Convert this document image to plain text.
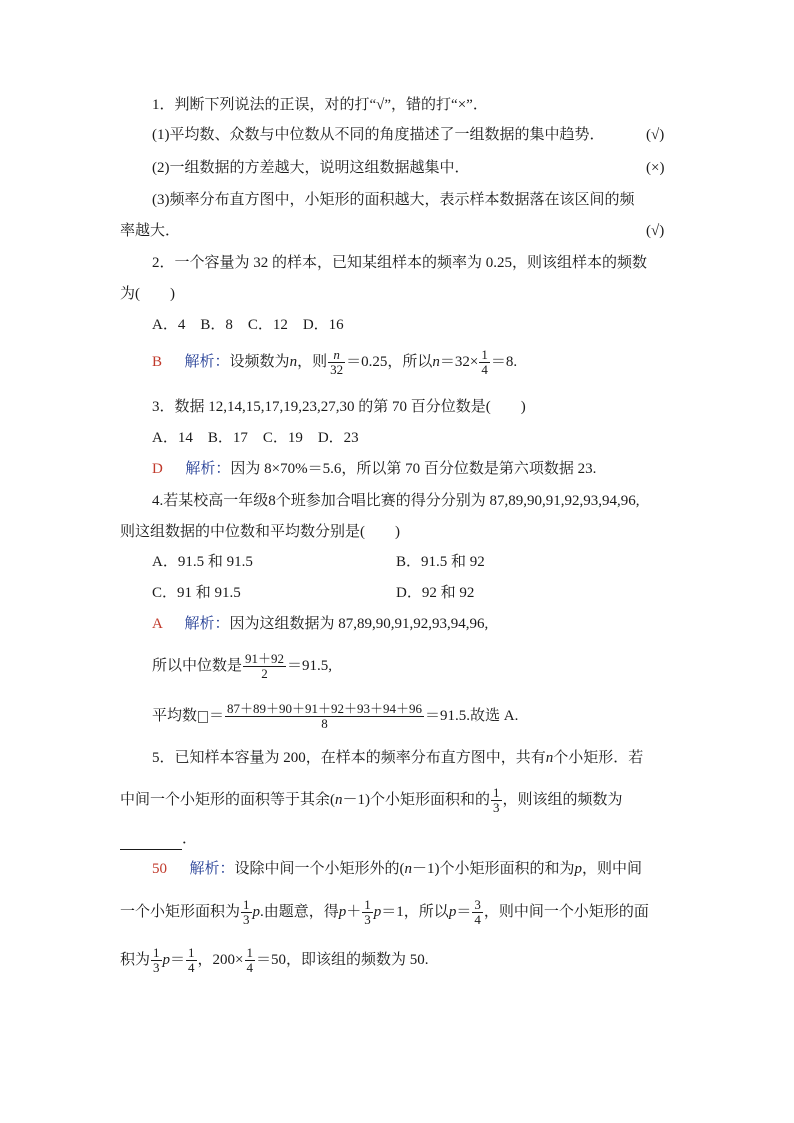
1．判断下列说法的正误，对的打“√”，错的打“×”．
(1)平均数、众数与中位数从不同的角度描述了一组数据的集中趋势．	(√)
(2)一组数据的方差越大，说明这组数据越集中．	(×)
(3)频率分布直方图中，小矩形的面积越大，表示样本数据落在该区间的频
率越大．	(√)
2．一个容量为 32 的样本，已知某组样本的频率为 0.25，则该组样本的频数
为(　　)
A．4　B．8　C．12　D．16
B 　 解析：设频数为n，则 $\frac{n}{32} =0.25$，所以$n=32\times \frac{1}{4} =8$.
3．数据 12,14,15,17,19,23,27,30 的第 70 百分位数是(　　)
A．14　B．17　C．19　D．23
D 　 解析：因为 8×70%＝5.6，所以第 70 百分位数是第六项数据 23.
4.若某校高一年级8个班参加合唱比赛的得分分别为 87,89,90,91,92,93,94,96,
则这组数据的中位数和平均数分别是(　　)
A．91.5 和 91.5	B．91.5 和 92
C．91 和 91.5	D．92 和 92
A 　 解析：因为这组数据为 87,89,90,91,92,93,94,96,
所以中位数是 $\frac{91+92}{2} =91.5$,
平均数 ＝ $\frac{87+89+90+91+92+93+94+96}{8} =91.5$.故选 A.
5．已知样本容量为 200，在样本的频率分布直方图中，共有n个小矩形．若
中间一个小矩形的面积等于其余(n－1)个小矩形面积和的 $\frac{1}{3}$ ，则该组的频数为
．
50 　 解析：设除中间一个小矩形外的(n－1)个小矩形面积的和为p，则中间
一个小矩形面积为 $\frac{1}{3} p$.由题意，得$p+ \frac{1}{3} p=1$，所以$p= \frac{3}{4}$ ，则中间一个小矩形的面
积为 $\frac{1}{3} p= \frac{1}{4}$ ，$200\times \frac{1}{4} =50$，即该组的频数为 50.
